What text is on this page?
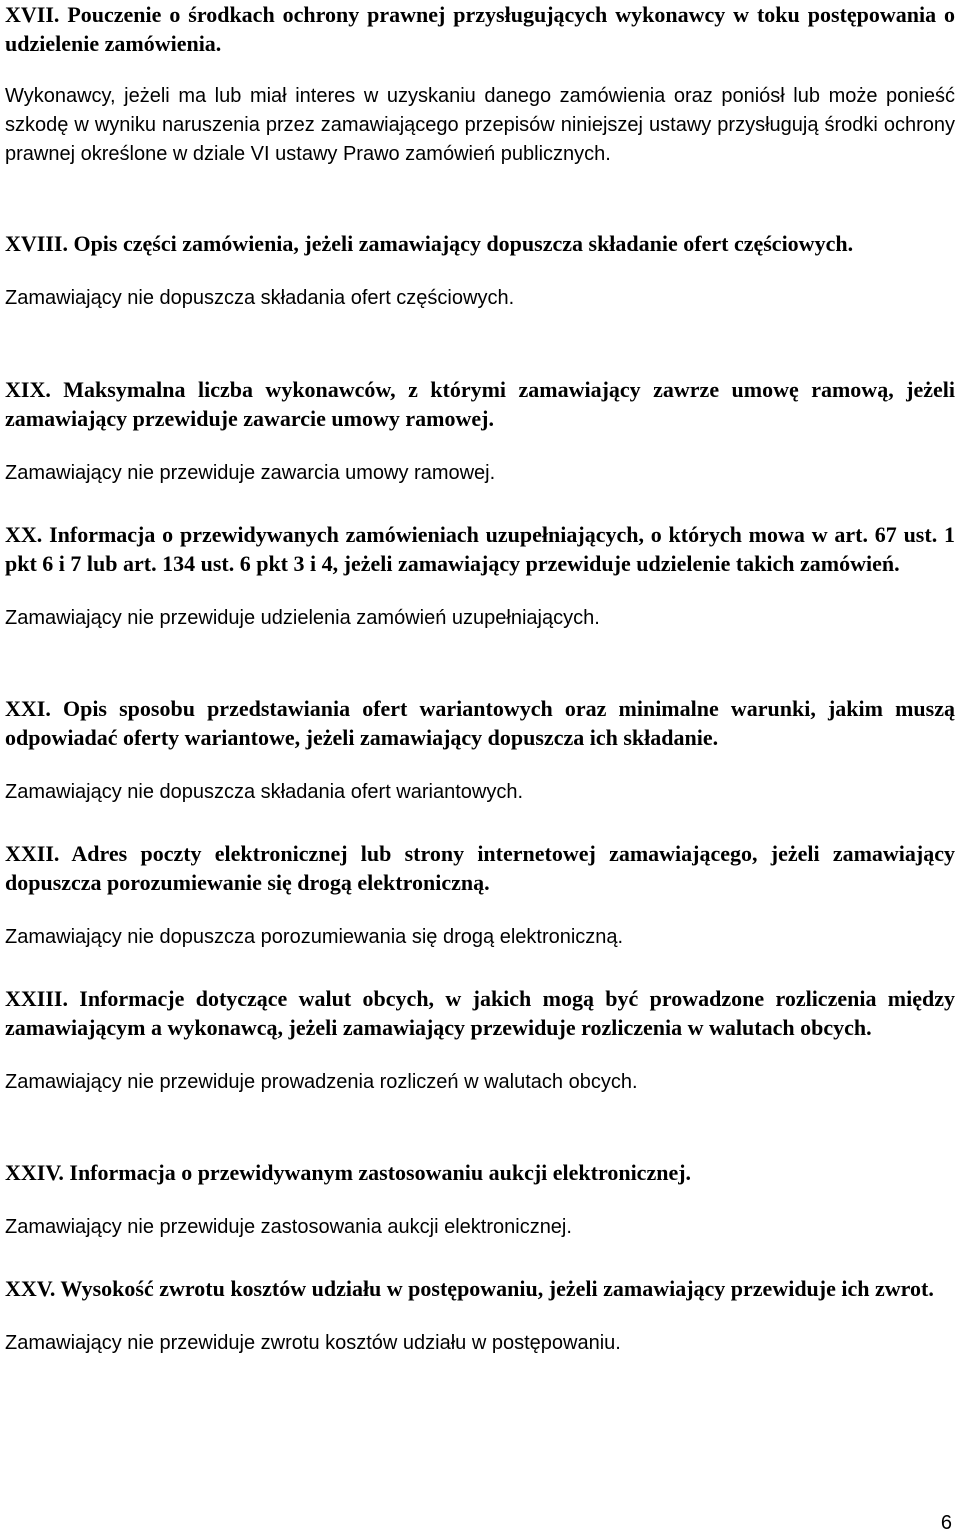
XVII. Pouczenie o środkach ochrony prawnej przysługujących wykonawcy w toku postępowania o udzielenie zamówienia.

Wykonawcy, jeżeli ma lub miał interes w uzyskaniu danego zamówienia oraz poniósł lub może ponieść szkodę w wyniku naruszenia przez zamawiającego przepisów niniejszej ustawy przysługują środki ochrony prawnej określone w dziale VI ustawy Prawo zamówień publicznych.

XVIII. Opis części zamówienia, jeżeli zamawiający dopuszcza składanie ofert częściowych.

Zamawiający nie dopuszcza składania ofert częściowych.

XIX. Maksymalna liczba wykonawców, z którymi zamawiający zawrze umowę ramową, jeżeli zamawiający przewiduje zawarcie umowy ramowej.

Zamawiający nie przewiduje zawarcia umowy ramowej.

XX. Informacja o przewidywanych zamówieniach uzupełniających, o których mowa w art. 67 ust. 1 pkt 6 i 7 lub art. 134 ust. 6 pkt 3 i 4, jeżeli zamawiający przewiduje udzielenie takich zamówień.

Zamawiający nie przewiduje udzielenia zamówień uzupełniających.

XXI. Opis sposobu przedstawiania ofert wariantowych oraz minimalne warunki, jakim muszą odpowiadać oferty wariantowe, jeżeli zamawiający dopuszcza ich składanie.

Zamawiający nie dopuszcza składania ofert wariantowych.

XXII. Adres poczty elektronicznej lub strony internetowej zamawiającego, jeżeli zamawiający dopuszcza porozumiewanie się drogą elektroniczną.

Zamawiający nie dopuszcza porozumiewania się drogą elektroniczną.

XXIII. Informacje dotyczące walut obcych, w jakich mogą być prowadzone rozliczenia między zamawiającym a wykonawcą, jeżeli zamawiający przewiduje rozliczenia w walutach obcych.

Zamawiający nie przewiduje prowadzenia rozliczeń w walutach obcych.

XXIV. Informacja o przewidywanym zastosowaniu aukcji elektronicznej.

Zamawiający nie przewiduje zastosowania aukcji elektronicznej.

XXV. Wysokość zwrotu kosztów udziału w postępowaniu, jeżeli zamawiający przewiduje ich zwrot.

Zamawiający nie przewiduje zwrotu kosztów udziału w postępowaniu.

6
